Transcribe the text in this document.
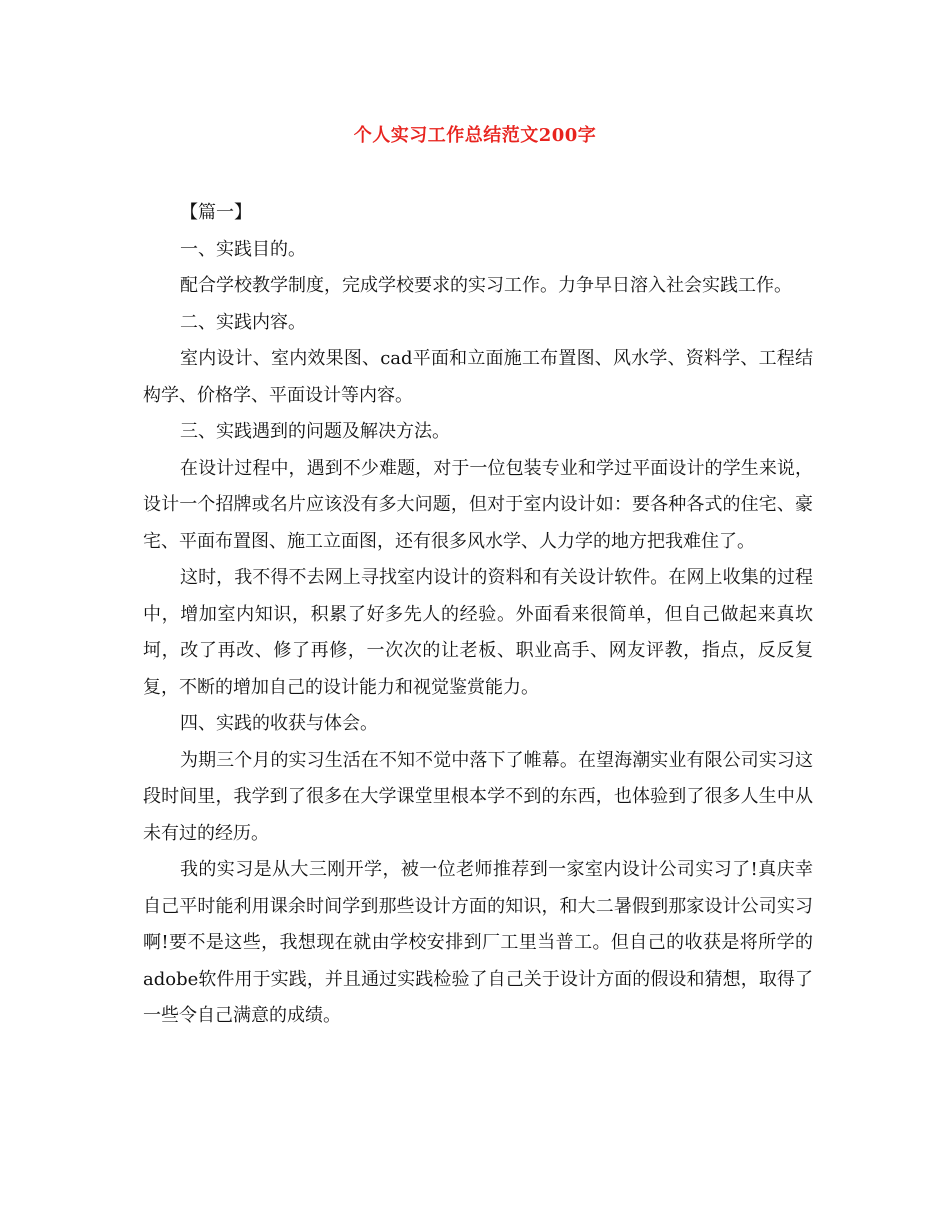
个人实习工作总结范文200字

【篇一】

一、实践目的。

配合学校教学制度，完成学校要求的实习工作。力争早日溶入社会实践工作。

二、实践内容。

室内设计、室内效果图、cad平面和立面施工布置图、风水学、资料学、工程结构学、价格学、平面设计等内容。

三、实践遇到的问题及解决方法。

在设计过程中，遇到不少难题，对于一位包装专业和学过平面设计的学生来说，设计一个招牌或名片应该没有多大问题，但对于室内设计如：要各种各式的住宅、豪宅、平面布置图、施工立面图，还有很多风水学、人力学的地方把我难住了。

这时，我不得不去网上寻找室内设计的资料和有关设计软件。在网上收集的过程中，增加室内知识，积累了好多先人的经验。外面看来很简单，但自己做起来真坎坷，改了再改、修了再修，一次次的让老板、职业高手、网友评教，指点，反反复复，不断的增加自己的设计能力和视觉鉴赏能力。

四、实践的收获与体会。

为期三个月的实习生活在不知不觉中落下了帷幕。在望海潮实业有限公司实习这段时间里，我学到了很多在大学课堂里根本学不到的东西，也体验到了很多人生中从未有过的经历。

我的实习是从大三刚开学，被一位老师推荐到一家室内设计公司实习了!真庆幸自己平时能利用课余时间学到那些设计方面的知识，和大二暑假到那家设计公司实习啊!要不是这些，我想现在就由学校安排到厂工里当普工。但自己的收获是将所学的adobe软件用于实践，并且通过实践检验了自己关于设计方面的假设和猜想，取得了一些令自己满意的成绩。
